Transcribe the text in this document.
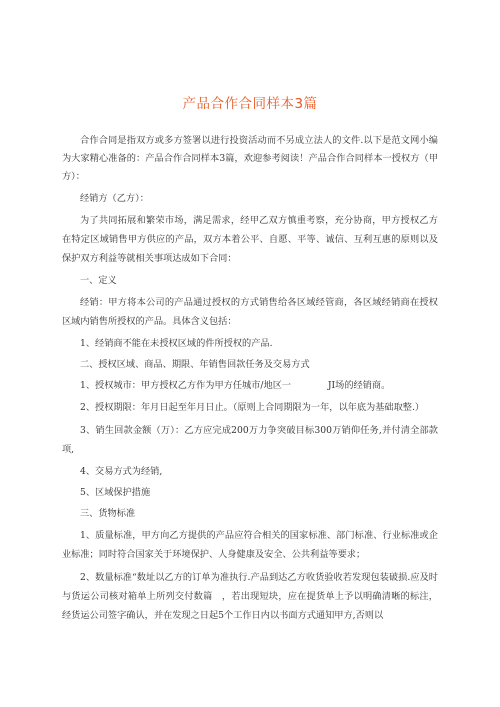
产品合作合同样本3篇

合作合同是指双方或多方签署以进行投资活动而不另成立法人的文件.以下是范文网小编为大家精心准备的：产品合作合同样本3篇，欢迎参考阅读！产品合作合同样本一授权方（甲方）：

经销方（乙方）：

为了共同拓展和繁荣市场，满足需求，经甲乙双方慎重考察，充分协商，甲方授权乙方在特定区域销售甲方供应的产品，双方本着公平、自愿、平等、诚信、互利互惠的原则以及保护双方利益等就相关事项达成如下合同：

一、定义

经销：甲方将本公司的产品通过授权的方式销售给各区域经管商，各区域经销商在授权区域内销售所授权的产品。具体含义包括：

1、经销商不能在未授权区域的件所授权的产品.

二、授权区域、商品、期限、年销售回款任务及交易方式

1、授权城市：甲方授权乙方作为甲方任城市/地区一　　　　JI场的经销商。

2、授权期限：年月日起至年月日止。（原则上合同期限为一年，以年底为基础取整.）

3、销生回款金额（万）：乙方应完成200万力争突破目标300万销仰任务,并付清全部款项,

4、交易方式为经销,

5、区域保护措施

三、货物标准

1、质量标准，甲方向乙方提供的产品应符合相关的国家标准、部门标准、行业标准或企业标准；同时符合国家关于环境保护、人身健康及安全、公共利益等要求；

2、数量标准“数址以乙方的订单为准执行.产品到达乙方收货验收若发现包装破损.应及时与货运公司核对箱单上所列交付数篇　，若出现短块，应在提货单上予以明确清晰的标注，经货运公司签字确认，并在发现之日起5个工作日内以书面方式通知甲方,否则以
